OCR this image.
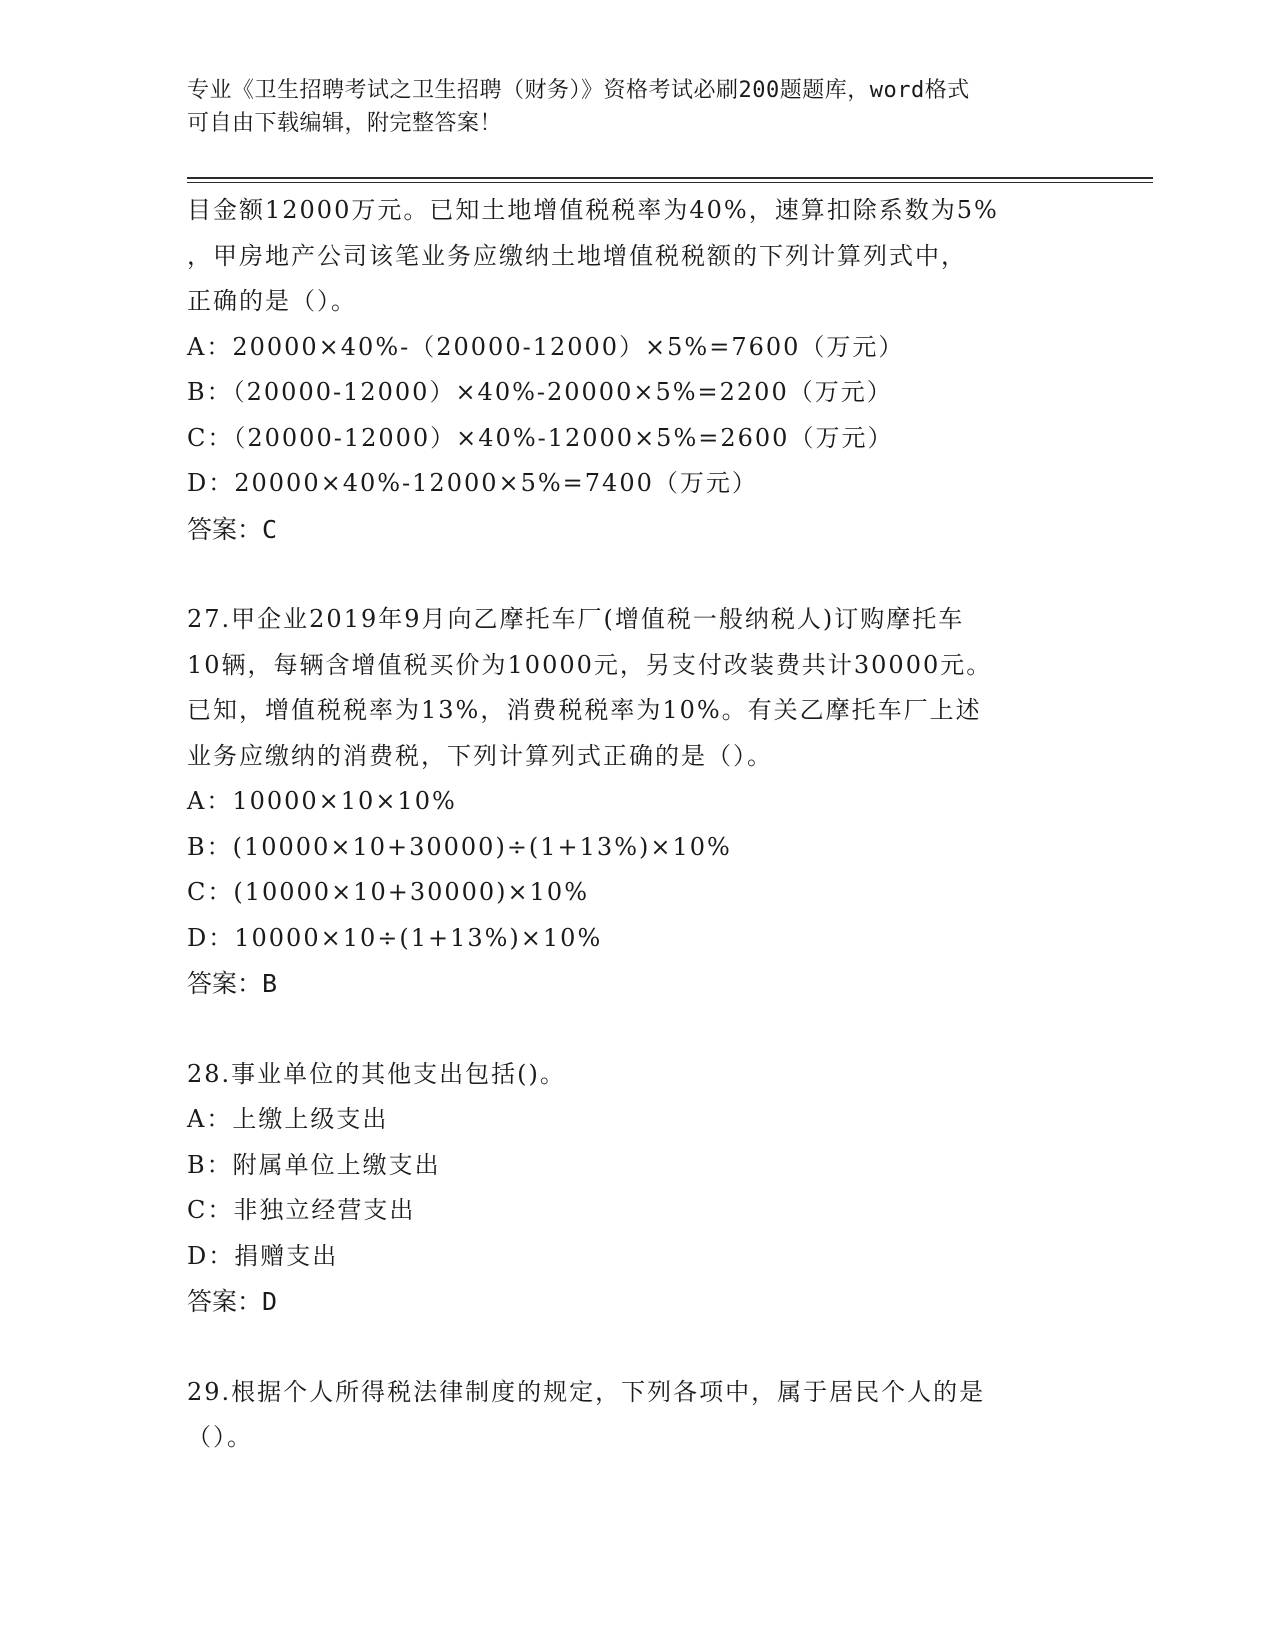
专业《卫生招聘考试之卫生招聘（财务）》资格考试必刷200题题库，word格式
可自由下载编辑，附完整答案！
目金额12000万元。已知土地增值税税率为40%，速算扣除系数为5%
，甲房地产公司该笔业务应缴纳土地增值税税额的下列计算列式中，
正确的是（）。
A：20000×40%-（20000-12000）×5%=7600（万元）
B：（20000-12000）×40%-20000×5%=2200（万元）
C：（20000-12000）×40%-12000×5%=2600（万元）
D：20000×40%-12000×5%=7400（万元）
答案：C
27.甲企业2019年9月向乙摩托车厂(增值税一般纳税人)订购摩托车
10辆，每辆含增值税买价为10000元，另支付改装费共计30000元。
已知，增值税税率为13%，消费税税率为10%。有关乙摩托车厂上述
业务应缴纳的消费税，下列计算列式正确的是（）。
A：10000×10×10%
B：(10000×10+30000)÷(1+13%)×10%
C：(10000×10+30000)×10%
D：10000×10÷(1+13%)×10%
答案：B
28.事业单位的其他支出包括()。
A：上缴上级支出
B：附属单位上缴支出
C：非独立经营支出
D：捐赠支出
答案：D
29.根据个人所得税法律制度的规定，下列各项中，属于居民个人的是
（）。
